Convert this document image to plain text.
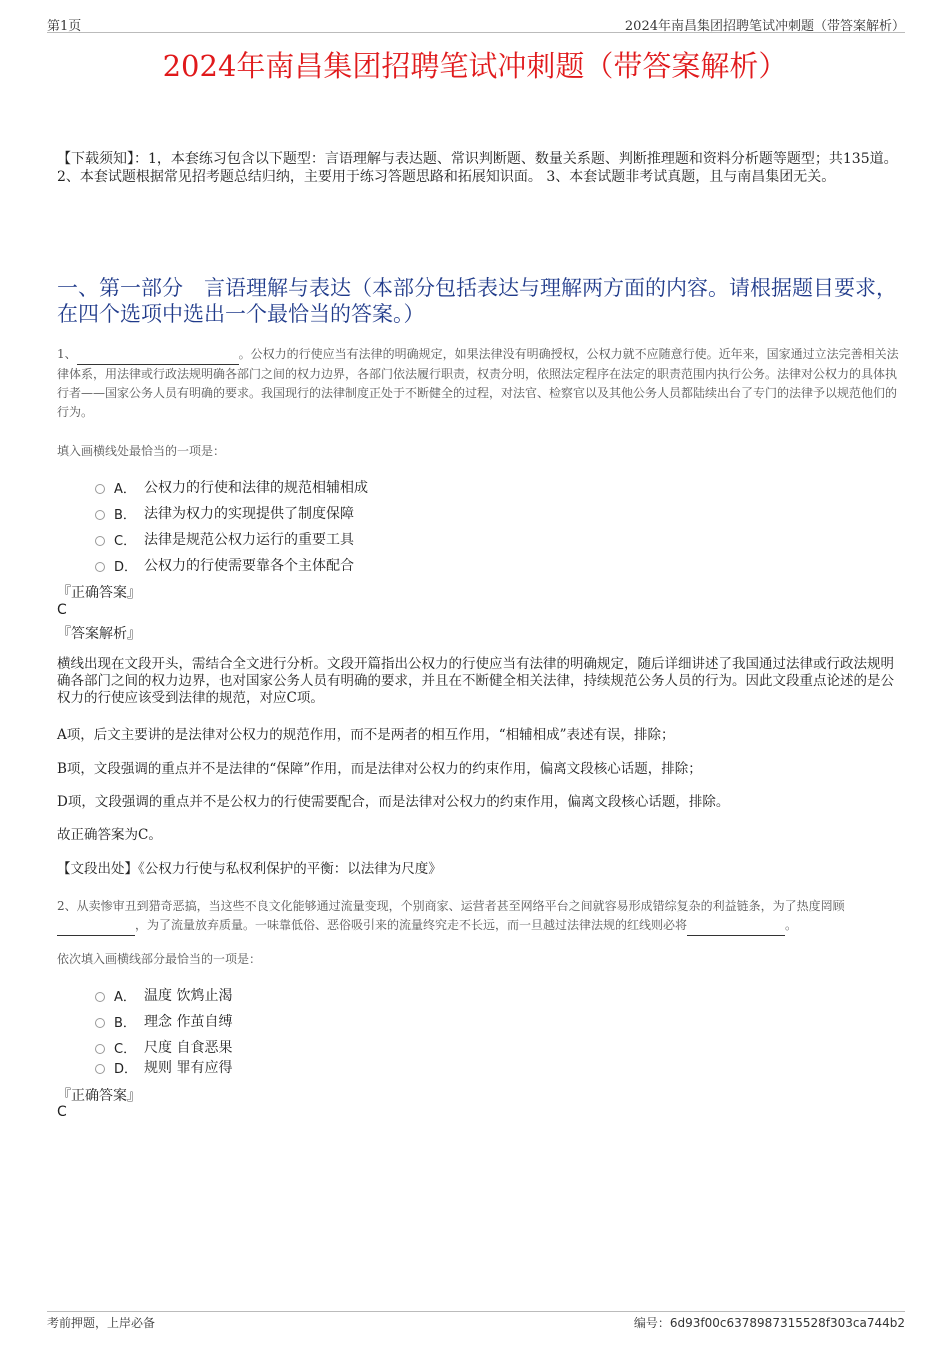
第1页	2024年南昌集团招聘笔试冲刺题（带答案解析）
2024年南昌集团招聘笔试冲刺题（带答案解析）
【下载须知】：1，本套练习包含以下题型：言语理解与表达题、常识判断题、数量关系题、判断推理题和资料分析题等题型；共135道。 2、本套试题根据常见招考题总结归纳，主要用于练习答题思路和拓展知识面。 3、本套试题非考试真题，且与南昌集团无关。
一、第一部分　言语理解与表达（本部分包括表达与理解两方面的内容。请根据题目要求，在四个选项中选出一个最恰当的答案。）
1、	。公权力的行使应当有法律的明确规定，如果法律没有明确授权，公权力就不应随意行使。近年来，国家通过立法完善相关法律体系，用法律或行政法规明确各部门之间的权力边界，各部门依法履行职责，权责分明，依照法定程序在法定的职责范围内执行公务。法律对公权力的具体执行者——国家公务人员有明确的要求。我国现行的法律制度正处于不断健全的过程，对法官、检察官以及其他公务人员都陆续出台了专门的法律予以规范他们的行为。
填入画横线处最恰当的一项是：
A． 公权力的行使和法律的规范相辅相成
B． 法律为权力的实现提供了制度保障
C． 法律是规范公权力运行的重要工具
D． 公权力的行使需要靠各个主体配合
『正确答案』
C
『答案解析』
横线出现在文段开头，需结合全文进行分析。文段开篇指出公权力的行使应当有法律的明确规定，随后详细讲述了我国通过法律或行政法规明确各部门之间的权力边界，也对国家公务人员有明确的要求，并且在不断健全相关法律，持续规范公务人员的行为。因此文段重点论述的是公权力的行使应该受到法律的规范，对应C项。
A项，后文主要讲的是法律对公权力的规范作用，而不是两者的相互作用，“相辅相成”表述有误，排除；
B项，文段强调的重点并不是法律的“保障”作用，而是法律对公权力的约束作用，偏离文段核心话题，排除；
D项，文段强调的重点并不是公权力的行使需要配合，而是法律对公权力的约束作用，偏离文段核心话题，排除。
故正确答案为C。
【文段出处】《公权力行使与私权利保护的平衡：以法律为尺度》
2、从卖惨审丑到猎奇恶搞，当这些不良文化能够通过流量变现，个别商家、运营者甚至网络平台之间就容易形成错综复杂的利益链条，为了热度罔顾 ，为了流量放弃质量。一味靠低俗、恶俗吸引来的流量终究走不长远，而一旦越过法律法规的红线则必将	。
依次填入画横线部分最恰当的一项是：
A． 温度 饮鸩止渴
B． 理念 作茧自缚
C． 尺度 自食恶果
D． 规则 罪有应得
『正确答案』
C
考前押题，上岸必备	编号：6d93f00c6378987315528f303ca744b2
